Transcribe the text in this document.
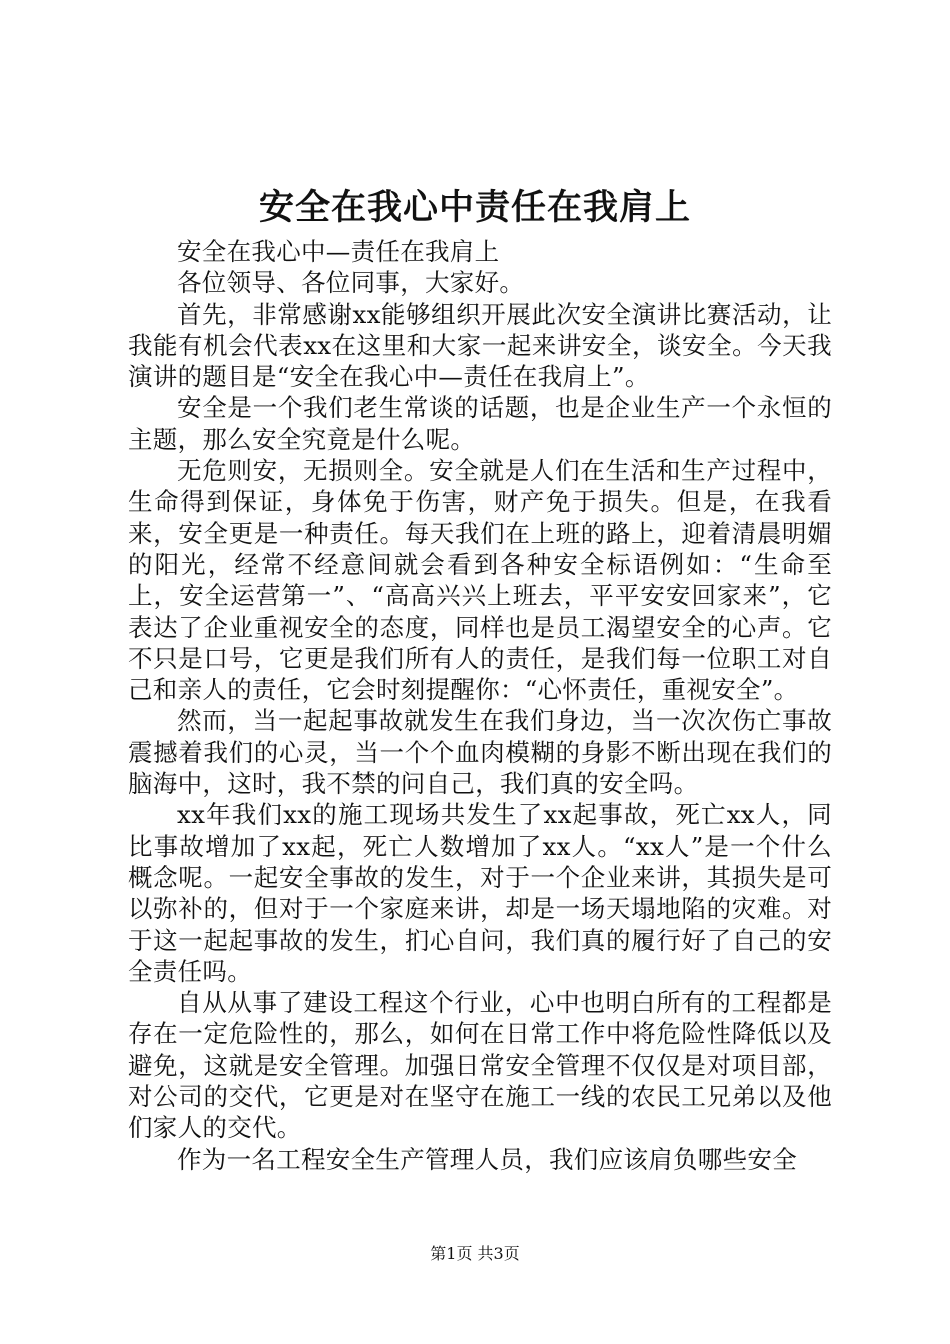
安全在我心中责任在我肩上

安全在我心中—责任在我肩上

各位领导、各位同事，大家好。

首先，非常感谢xx能够组织开展此次安全演讲比赛活动，让我能有机会代表xx在这里和大家一起来讲安全，谈安全。今天我演讲的题目是“安全在我心中—责任在我肩上”。

安全是一个我们老生常谈的话题，也是企业生产一个永恒的主题，那么安全究竟是什么呢。

无危则安，无损则全。安全就是人们在生活和生产过程中，生命得到保证，身体免于伤害，财产免于损失。但是，在我看来，安全更是一种责任。每天我们在上班的路上，迎着清晨明媚的阳光，经常不经意间就会看到各种安全标语例如：“生命至上，安全运营第一”、“高高兴兴上班去，平平安安回家来”，它表达了企业重视安全的态度，同样也是员工渴望安全的心声。它不只是口号，它更是我们所有人的责任，是我们每一位职工对自己和亲人的责任，它会时刻提醒你：“心怀责任，重视安全”。

然而，当一起起事故就发生在我们身边，当一次次伤亡事故震撼着我们的心灵，当一个个血肉模糊的身影不断出现在我们的脑海中，这时，我不禁的问自己，我们真的安全吗。

xx年我们xx的施工现场共发生了xx起事故，死亡xx人，同比事故增加了xx起，死亡人数增加了xx人。“xx人”是一个什么概念呢。一起安全事故的发生，对于一个企业来讲，其损失是可以弥补的，但对于一个家庭来讲，却是一场天塌地陷的灾难。对于这一起起事故的发生，扪心自问，我们真的履行好了自己的安全责任吗。

自从从事了建设工程这个行业，心中也明白所有的工程都是存在一定危险性的，那么，如何在日常工作中将危险性降低以及避免，这就是安全管理。加强日常安全管理不仅仅是对项目部，对公司的交代，它更是对在坚守在施工一线的农民工兄弟以及他们家人的交代。

作为一名工程安全生产管理人员，我们应该肩负哪些安全

第1页 共3页
